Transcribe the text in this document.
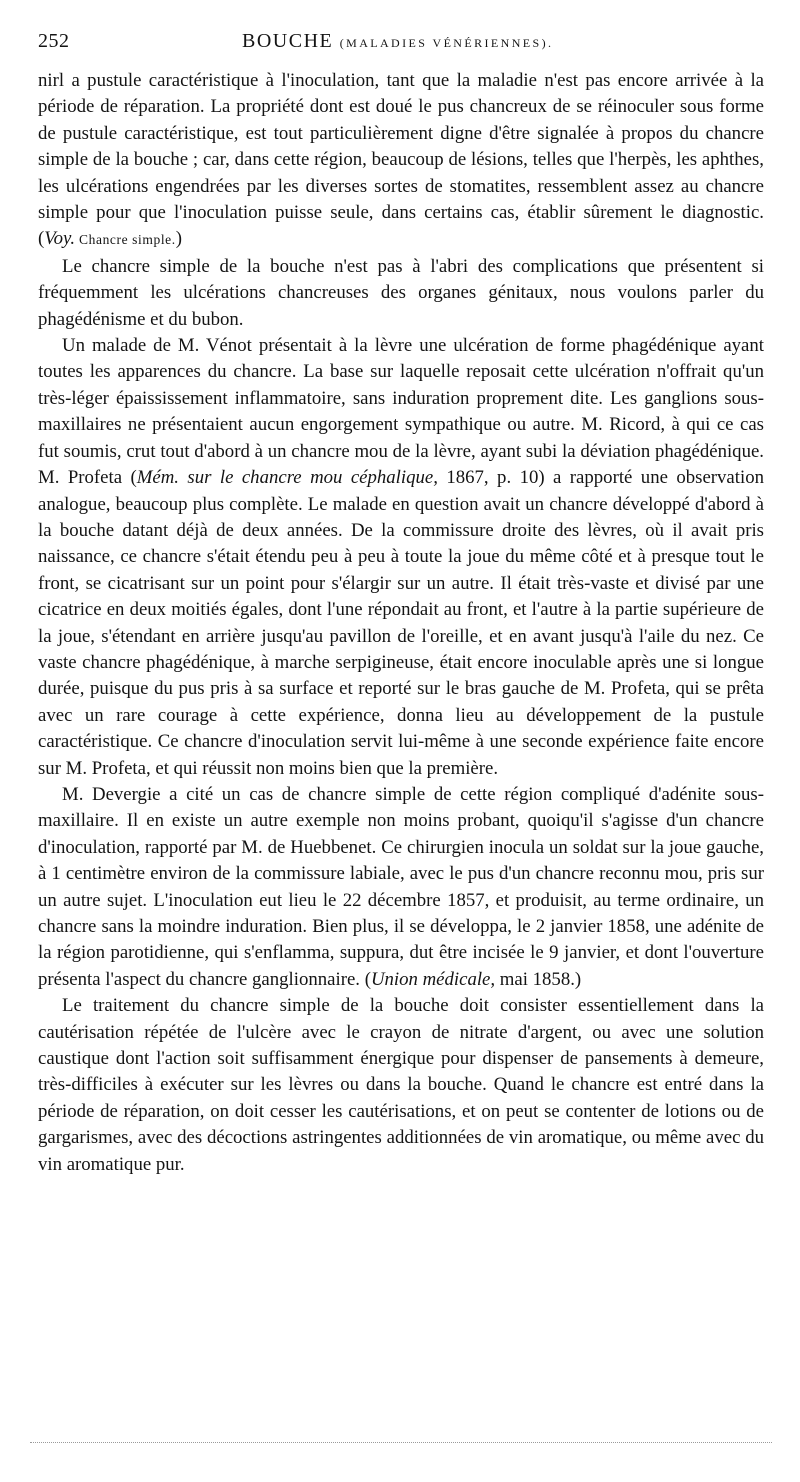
252	BOUCHE (MALADIES VÉNÉRIENNES).

nirl a pustule caractéristique à l'inoculation, tant que la maladie n'est pas encore arrivée à la période de réparation. La propriété dont est doué le pus chancreux de se réinoculer sous forme de pustule caractéristique, est tout particulièrement digne d'être signalée à propos du chancre simple de la bouche ; car, dans cette région, beaucoup de lésions, telles que l'herpès, les aphthes, les ulcérations engendrées par les diverses sortes de stomatites, ressemblent assez au chancre simple pour que l'inoculation puisse seule, dans certains cas, établir sûrement le diagnostic. (Voy. Chancre simple.)

Le chancre simple de la bouche n'est pas à l'abri des complications que présentent si fréquemment les ulcérations chancreuses des organes génitaux, nous voulons parler du phagédénisme et du bubon.

Un malade de M. Vénot présentait à la lèvre une ulcération de forme phagédénique ayant toutes les apparences du chancre. La base sur laquelle reposait cette ulcération n'offrait qu'un très-léger épaississement inflammatoire, sans induration proprement dite. Les ganglions sous-maxillaires ne présentaient aucun engorgement sympathique ou autre. M. Ricord, à qui ce cas fut soumis, crut tout d'abord à un chancre mou de la lèvre, ayant subi la déviation phagédénique. M. Profeta (Mém. sur le chancre mou céphalique, 1867, p. 10) a rapporté une observation analogue, beaucoup plus complète. Le malade en question avait un chancre développé d'abord à la bouche datant déjà de deux années. De la commissure droite des lèvres, où il avait pris naissance, ce chancre s'était étendu peu à peu à toute la joue du même côté et à presque tout le front, se cicatrisant sur un point pour s'élargir sur un autre. Il était très-vaste et divisé par une cicatrice en deux moitiés égales, dont l'une répondait au front, et l'autre à la partie supérieure de la joue, s'étendant en arrière jusqu'au pavillon de l'oreille, et en avant jusqu'à l'aile du nez. Ce vaste chancre phagédénique, à marche serpigineuse, était encore inoculable après une si longue durée, puisque du pus pris à sa surface et reporté sur le bras gauche de M. Profeta, qui se prêta avec un rare courage à cette expérience, donna lieu au développement de la pustule caractéristique. Ce chancre d'inoculation servit lui-même à une seconde expérience faite encore sur M. Profeta, et qui réussit non moins bien que la première.

M. Devergie a cité un cas de chancre simple de cette région compliqué d'adénite sous-maxillaire. Il en existe un autre exemple non moins probant, quoiqu'il s'agisse d'un chancre d'inoculation, rapporté par M. de Huebbenet. Ce chirurgien inocula un soldat sur la joue gauche, à 1 centimètre environ de la commissure labiale, avec le pus d'un chancre reconnu mou, pris sur un autre sujet. L'inoculation eut lieu le 22 décembre 1857, et produisit, au terme ordinaire, un chancre sans la moindre induration. Bien plus, il se développa, le 2 janvier 1858, une adénite de la région parotidienne, qui s'enflamma, suppura, dut être incisée le 9 janvier, et dont l'ouverture présenta l'aspect du chancre ganglionnaire. (Union médicale, mai 1858.)

Le traitement du chancre simple de la bouche doit consister essentiellement dans la cautérisation répétée de l'ulcère avec le crayon de nitrate d'argent, ou avec une solution caustique dont l'action soit suffisamment énergique pour dispenser de pansements à demeure, très-difficiles à exécuter sur les lèvres ou dans la bouche. Quand le chancre est entré dans la période de réparation, on doit cesser les cautérisations, et on peut se contenter de lotions ou de gargarismes, avec des décoctions astringentes additionnées de vin aromatique, ou même avec du vin aromatique pur.
